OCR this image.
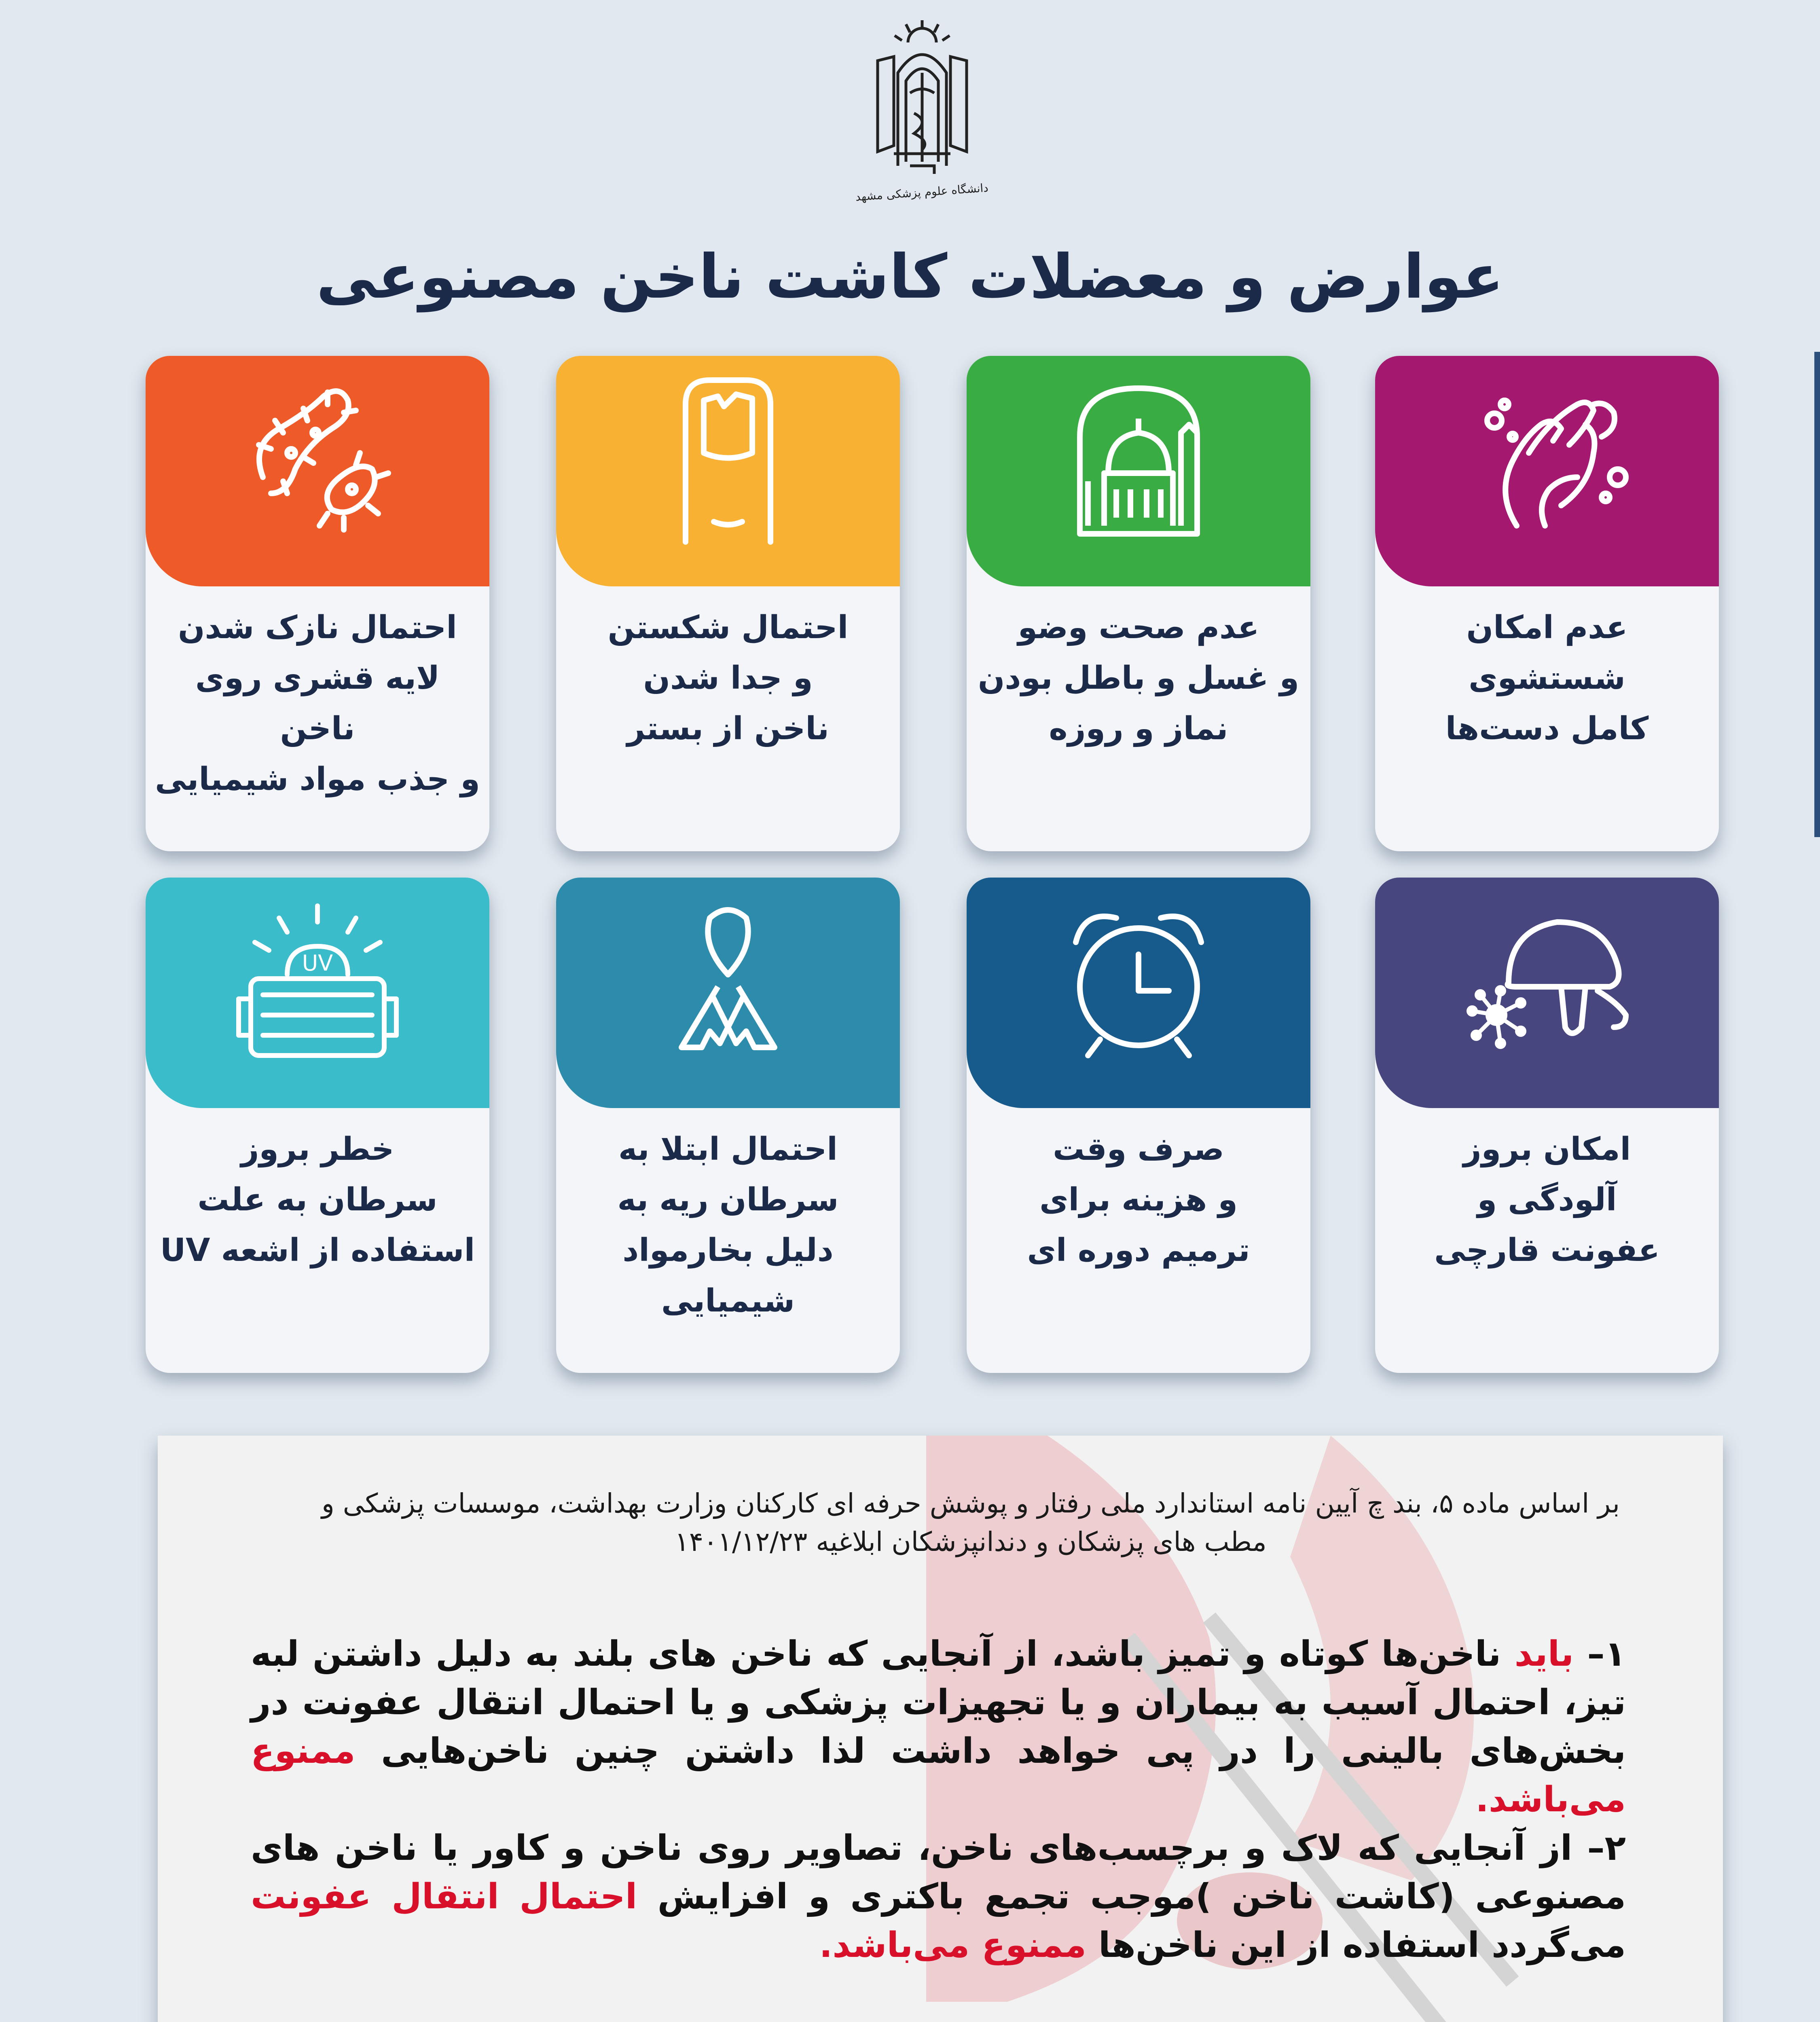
دانشگاه علوم پزشکی مشهد
عوارض و معضلات کاشت ناخن مصنوعی
عدم امکان
شستشوی
کامل دست‌ها
عدم صحت وضو
و غسل و باطل بودن
نماز و روزه
احتمال شکستن
و جدا شدن
ناخن از بستر
احتمال نازک شدن
لایه قشری روی ناخن
و جذب مواد شیمیایی
امکان بروز
آلودگی و
عفونت قارچی
صرف وقت
و هزینه برای
ترمیم دوره ای
احتمال ابتلا به
سرطان ریه به
دلیل بخارمواد شیمیایی
UV
خطر بروز
سرطان به علت
استفاده از اشعه UV

بر اساس ماده ۵، بند چ آیین نامه استاندارد ملی رفتار و پوشش حرفه ای کارکنان وزارت بهداشت، موسسات پزشکی و مطب های پزشکان و دندانپزشکان ابلاغیه ۱۴۰۱/۱۲/۲۳

۱– باید ناخن‌ها کوتاه و تمیز باشد، از آنجایی که ناخن های بلند به دلیل داشتن لبه تیز، احتمال آسیب به بیماران و یا تجهیزات پزشکی و یا احتمال انتقال عفونت در بخش‌های بالینی را در پی خواهد داشت لذا داشتن چنین ناخن‌هایی ممنوع می‌باشد.

۲– از آنجایی که لاک و برچسب‌های ناخن، تصاویر روی ناخن و کاور یا ناخن های مصنوعی (کاشت ناخن )موجب تجمع باکتری و افزایش احتمال انتقال عفونت می‌گردد استفاده از این ناخن‌ها ممنوع می‌باشد.
